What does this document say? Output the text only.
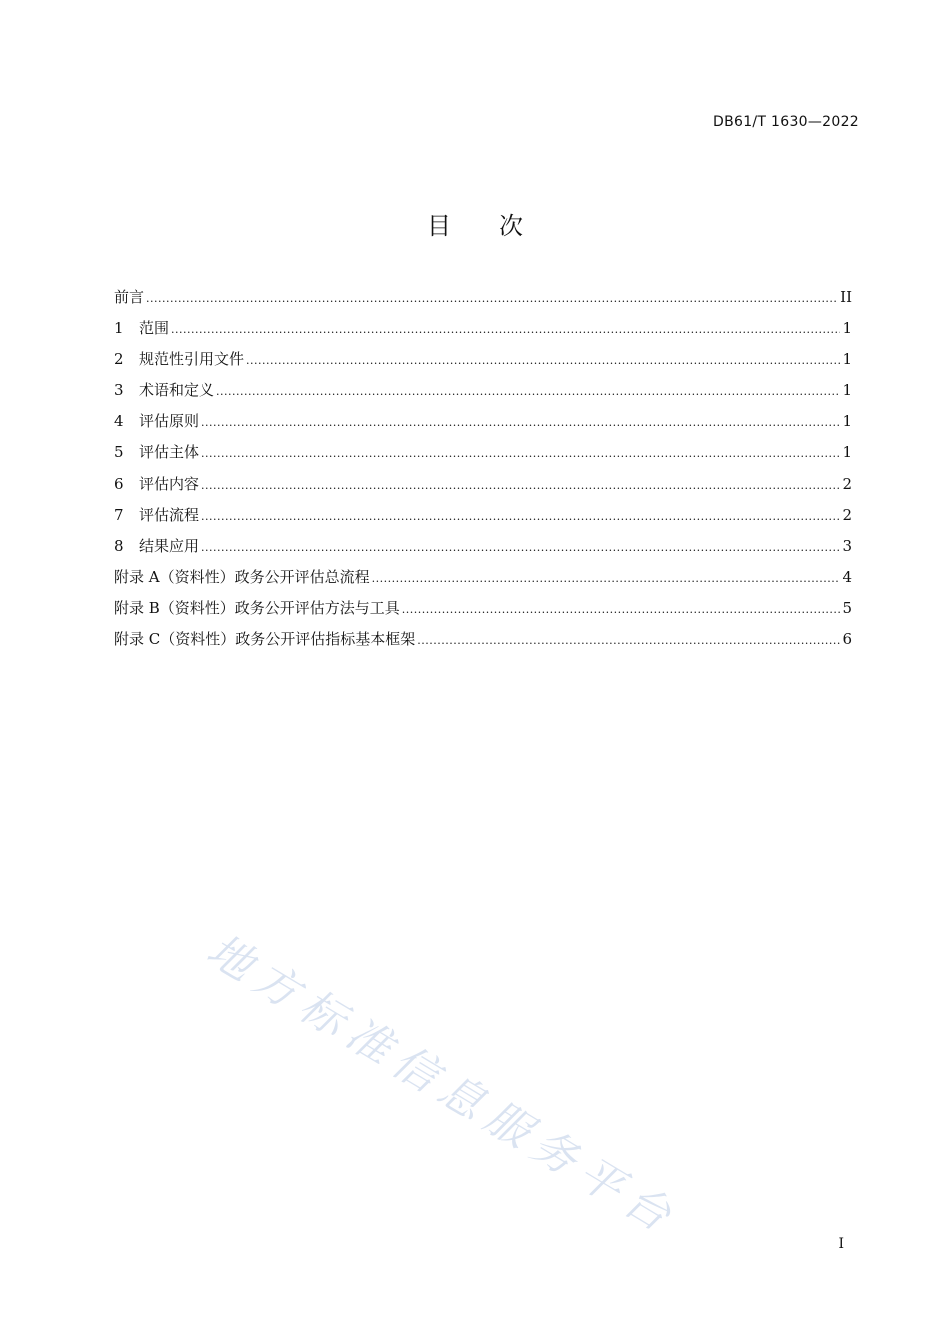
DB61/T 1630—2022
目次
前言 .....	II
1	范围 .....	1
2	规范性引用文件 .....	1
3	术语和定义 .....	1
4	评估原则 .....	1
5	评估主体 .....	1
6	评估内容 .....	2
7	评估流程 .....	2
8	结果应用 .....	3
附录 A（资料性）政务公开评估总流程 .....	4
附录 B（资料性）政务公开评估方法与工具 .....	5
附录 C（资料性）政务公开评估指标基本框架 .....	6
地方标准信息服务平台	I
